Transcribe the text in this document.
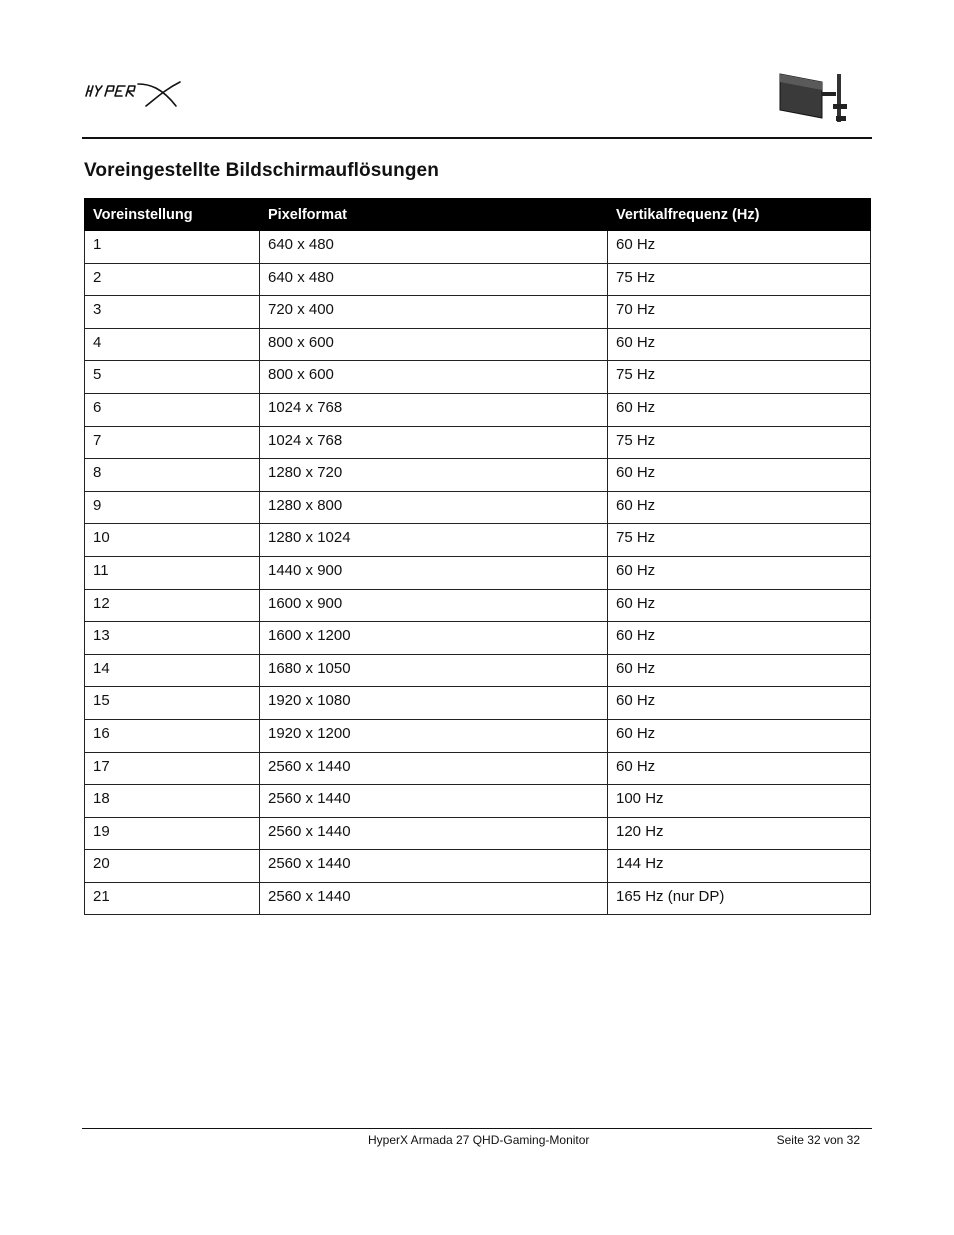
Voreingestellte Bildschirmauflösungen
Voreinstellung	Pixelformat	Vertikalfrequenz (Hz)
1	640 x 480	60 Hz
2	640 x 480	75 Hz
3	720 x 400	70 Hz
4	800 x 600	60 Hz
5	800 x 600	75 Hz
6	1024 x 768	60 Hz
7	1024 x 768	75 Hz
8	1280 x 720	60 Hz
9	1280 x 800	60 Hz
10	1280 x 1024	75 Hz
11	1440 x 900	60 Hz
12	1600 x 900	60 Hz
13	1600 x 1200	60 Hz
14	1680 x 1050	60 Hz
15	1920 x 1080	60 Hz
16	1920 x 1200	60 Hz
17	2560 x 1440	60 Hz
18	2560 x 1440	100 Hz
19	2560 x 1440	120 Hz
20	2560 x 1440	144 Hz
21	2560 x 1440	165 Hz (nur DP)
HyperX Armada 27 QHD-Gaming-Monitor	Seite 32 von 32
